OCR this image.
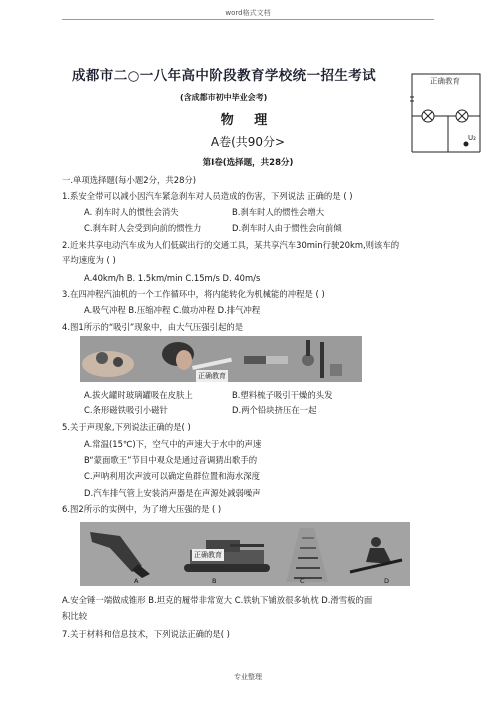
word格式文档
成都市二○一八年高中阶段教育学校统一招生考试	正确教育
U₂
(含成都市初中毕业会考)
物 理
A卷(共90分>
第Ⅰ卷(选择题，共28分)
一.单项选择题(每小题2分，共28分)
1.系安全带可以减小因汽车紧急刹车对人员造成的伤害，下列说法 正确的是 ( )
A. 刹车时人的惯性会消失	B.刹车时人的惯性会增大
C.刹车时人会受到向前的惯性力	D.刹车时人由于惯性会向前倾
2.近来共享电动汽车成为人们低碳出行的交通工具，某共享汽车30min行驶20km,则该车的
平均速度为 ( )
A.40km/h B. 1.5km/min C.15m/s D. 40m/s
3.在四冲程汽油机的一个工作循环中，将内能转化为机械能的冲程是 ( )
A.吸气冲程 B.压缩冲程 C.做功冲程 D.排气冲程
4.图1所示的“吸引”现象中，由大气压强引起的是
正确教育
A.拔火罐时玻璃罐吸在皮肤上	B.塑料梳子吸引干燥的头发
C.条形磁铁吸引小磁针	D.两个铅块挤压在一起
5.关于声现象,下列说法正确的是( )
A.常温(15℃)下，空气中的声速大于水中的声速
B“蒙面歌王”节目中观众是通过音调猜出歌手的
C.声呐利用次声波可以确定鱼群位置和海水深度
D.汽车排气管上安装消声器是在声源处减弱噪声
6.图2所示的实例中，为了增大压强的是 ( )
正确教育
A	B	C	D
A.安全锤一端做成锥形 B.坦克的履带非常宽大 C.铁轨下铺放很多轨枕 D.滑雪板的面
积比较
7.关于材料和信息技术，下列说法正确的是( )
专业整理
